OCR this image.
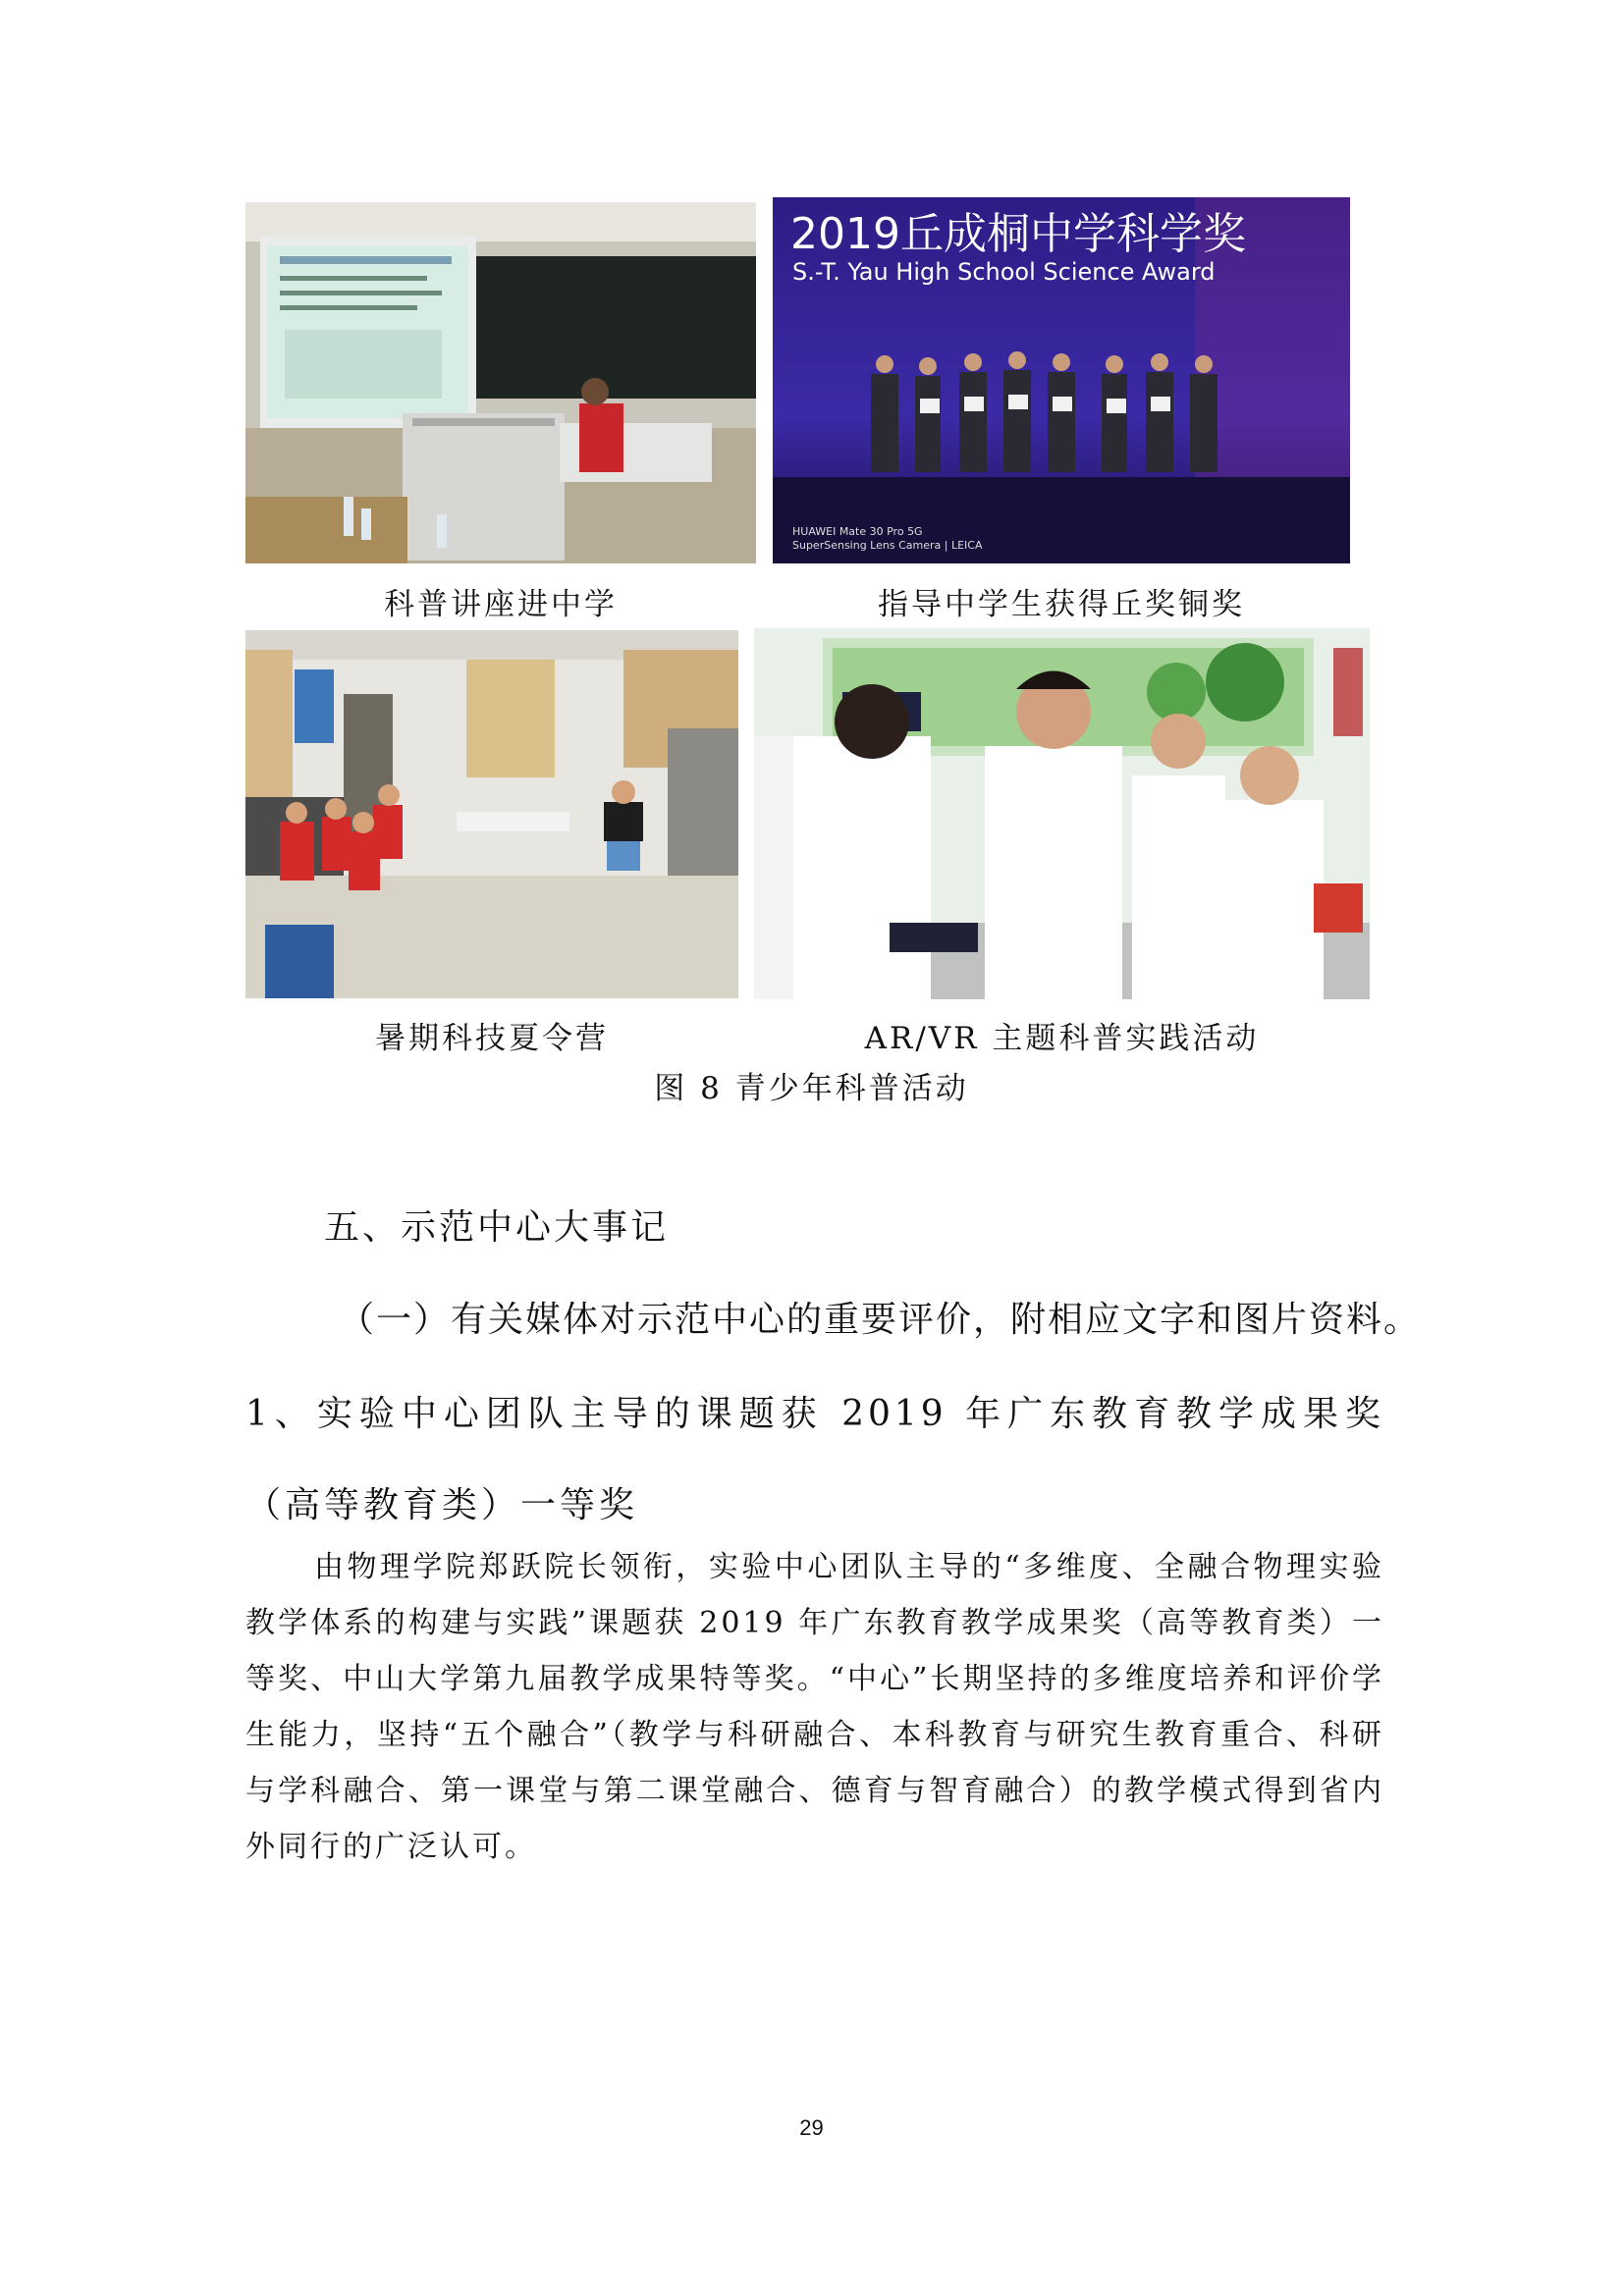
2019丘成桐中学科学奖
S.-T. Yau High School Science Award
HUAWEI Mate 30 Pro 5G
SuperSensing Lens Camera | LEICA
科普讲座进中学	指导中学生获得丘奖铜奖
暑期科技夏令营	AR/VR 主题科普实践活动
图 8 青少年科普活动
五、示范中心大事记
（一）有关媒体对示范中心的重要评价，附相应文字和图片资料。
1、实验中心团队主导的课题获 2019 年广东教育教学成果奖（高等教育类）一等奖
由物理学院郑跃院长领衔，实验中心团队主导的“多维度、全融合物理实验教学体系的构建与实践”课题获 2019 年广东教育教学成果奖（高等教育类）一等奖、中山大学第九届教学成果特等奖。“中心”长期坚持的多维度培养和评价学生能力，坚持“五个融合”（教学与科研融合、本科教育与研究生教育重合、科研与学科融合、第一课堂与第二课堂融合、德育与智育融合）的教学模式得到省内外同行的广泛认可。
29
